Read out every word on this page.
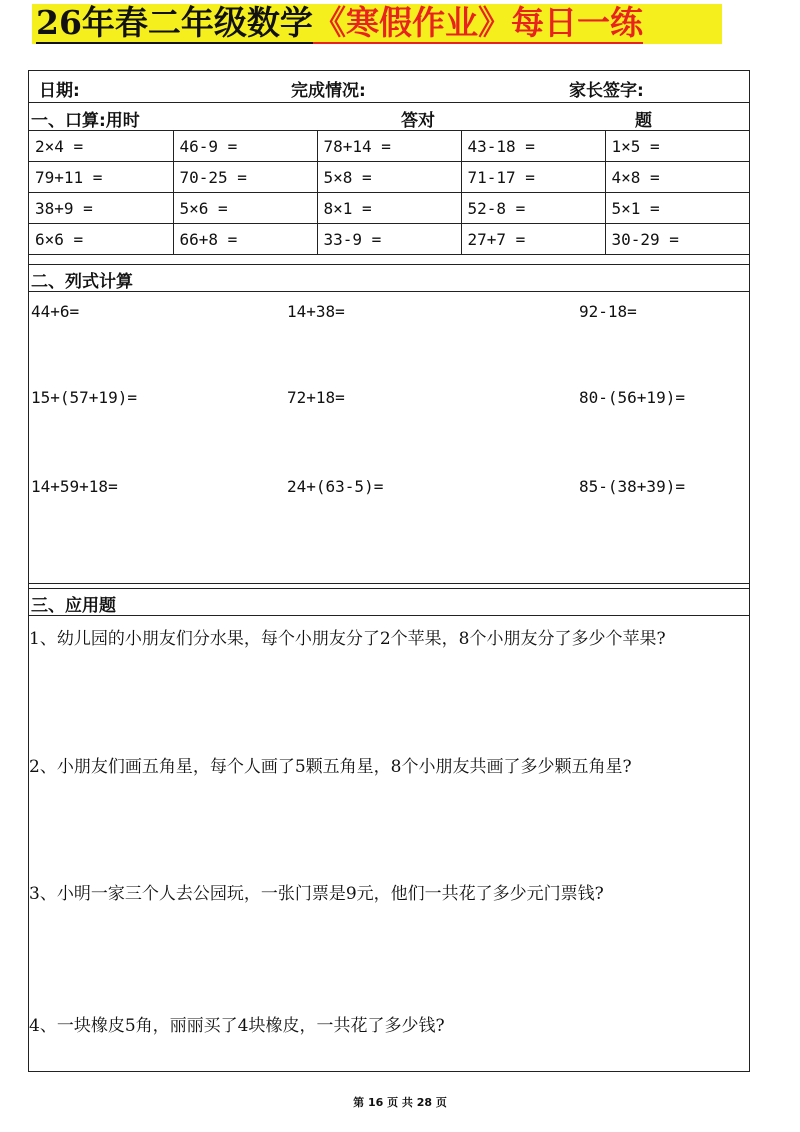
26年春二年级数学 《寒假作业》每日一练
日期:	完成情况:	家长签字:
一、口算:用时	答对	题
2×4 =	46-9 =	78+14 =	43-18 =	1×5 =
79+11 =	70-25 =	5×8 =	71-17 =	4×8 =
38+9 =	5×6 =	8×1 =	52-8 =	5×1 =
6×6 =	66+8 =	33-9 =	27+7 =	30-29 =
二、列式计算
44+6=	14+38=	92-18=
15+(57+19)=	72+18=	80-(56+19)=
14+59+18=	24+(63-5)=	85-(38+39)=
三、应用题
1、幼儿园的小朋友们分水果，每个小朋友分了2个苹果，8个小朋友分了多少个苹果?
2、小朋友们画五角星，每个人画了5颗五角星，8个小朋友共画了多少颗五角星?
3、小明一家三个人去公园玩，一张门票是9元，他们一共花了多少元门票钱?
4、一块橡皮5角，丽丽买了4块橡皮，一共花了多少钱?
第 16 页 共 28 页
